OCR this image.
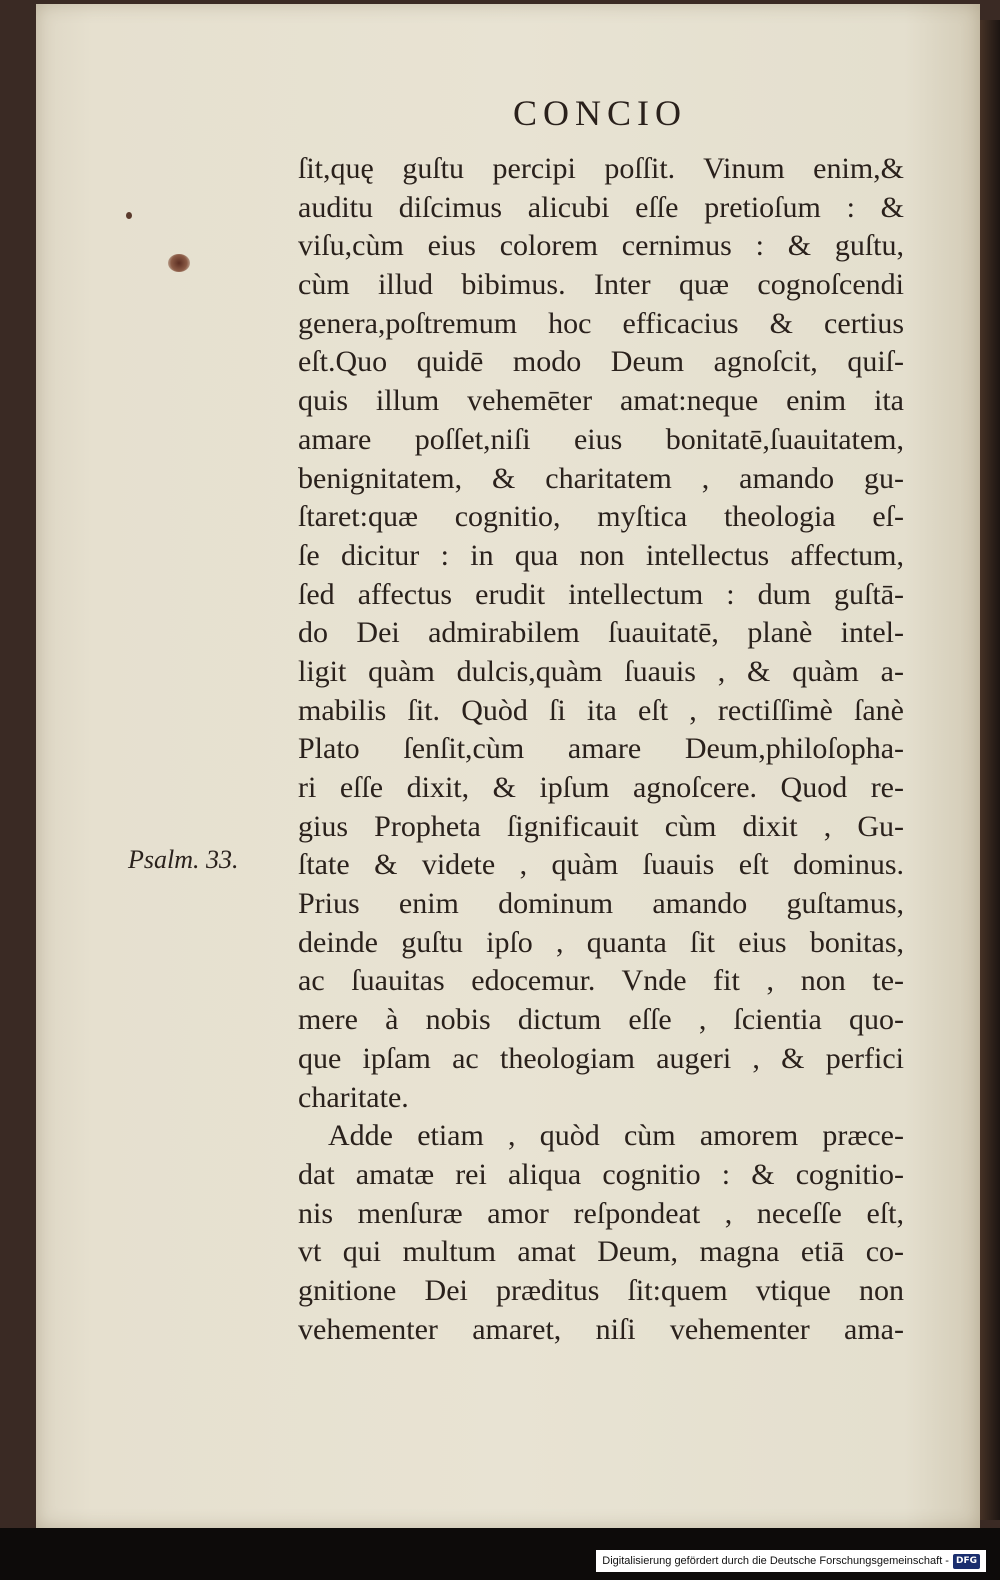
CONCIO
Psalm. 33.
ſit,quę guſtu percipi poſſit. Vinum enim,&
auditu diſcimus alicubi eſſe pretioſum : &
viſu,cùm eius colorem cernimus : & guſtu,
cùm illud bibimus. Inter quæ cognoſcendi
genera,poſtremum hoc efficacius & certius
eſt.Quo quidē modo Deum agnoſcit, quiſ-
quis illum vehemēter amat:neque enim ita
amare poſſet,niſi eius bonitatē,ſuauitatem,
benignitatem, & charitatem , amando gu-
ſtaret:quæ cognitio, myſtica theologia eſ-
ſe dicitur : in qua non intellectus affectum,
ſed affectus erudit intellectum : dum guſtā-
do Dei admirabilem ſuauitatē, planè intel-
ligit quàm dulcis,quàm ſuauis , & quàm a-
mabilis ſit. Quòd ſi ita eſt , rectiſſimè ſanè
Plato ſenſit,cùm amare Deum,philoſopha-
ri eſſe dixit, & ipſum agnoſcere. Quod re-
gius Propheta ſignificauit cùm dixit , Gu-
ſtate & videte , quàm ſuauis eſt dominus.
Prius enim dominum amando guſtamus,
deinde guſtu ipſo , quanta ſit eius bonitas,
ac ſuauitas edocemur. Vnde fit , non te-
mere à nobis dictum eſſe , ſcientia quo-
que ipſam ac theologiam augeri , & perfici
charitate.
Adde etiam , quòd cùm amorem præce-
dat amatæ rei aliqua cognitio : & cognitio-
nis menſuræ amor reſpondeat , neceſſe eſt,
vt qui multum amat Deum, magna etiā co-
gnitione Dei præditus ſit:quem vtique non
vehementer amaret, niſi vehementer ama-
Digitalisierung gefördert durch die Deutsche Forschungsgemeinschaft - DFG
